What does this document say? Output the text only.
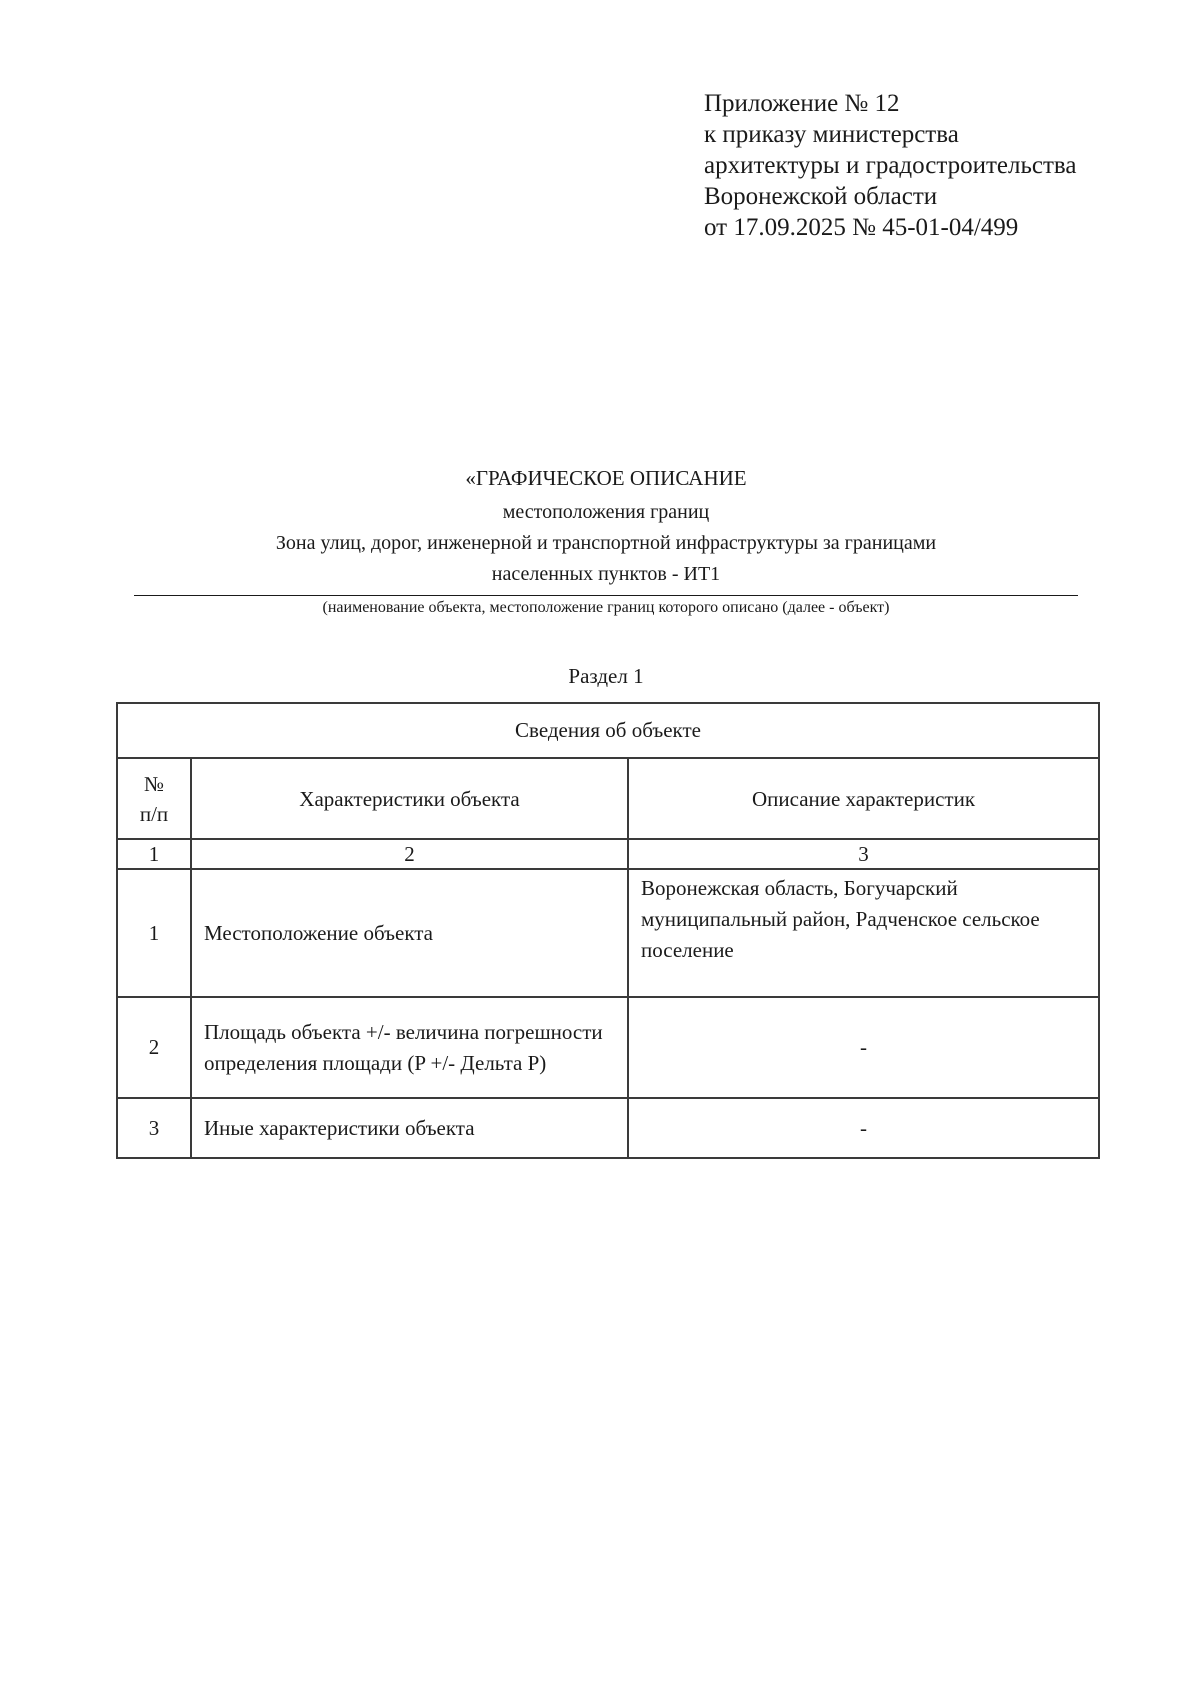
Приложение № 12
к приказу министерства
архитектуры и градостроительства
Воронежской области
от 17.09.2025 № 45-01-04/499
«ГРАФИЧЕСКОЕ ОПИСАНИЕ
местоположения границ
Зона улиц, дорог, инженерной и транспортной инфраструктуры за границами
населенных пунктов - ИТ1
(наименование объекта, местоположение границ которого описано (далее - объект)
Раздел 1
Сведения об объекте		
№ п/п	Характеристики объекта	Описание характеристик
1	2	3
1	Местоположение объекта	Воронежская область, Богучарский муниципальный район, Радченское сельское поселение
2	Площадь объекта +/- величина погрешности определения площади (P +/- Дельта P)	-
3	Иные характеристики объекта	-
